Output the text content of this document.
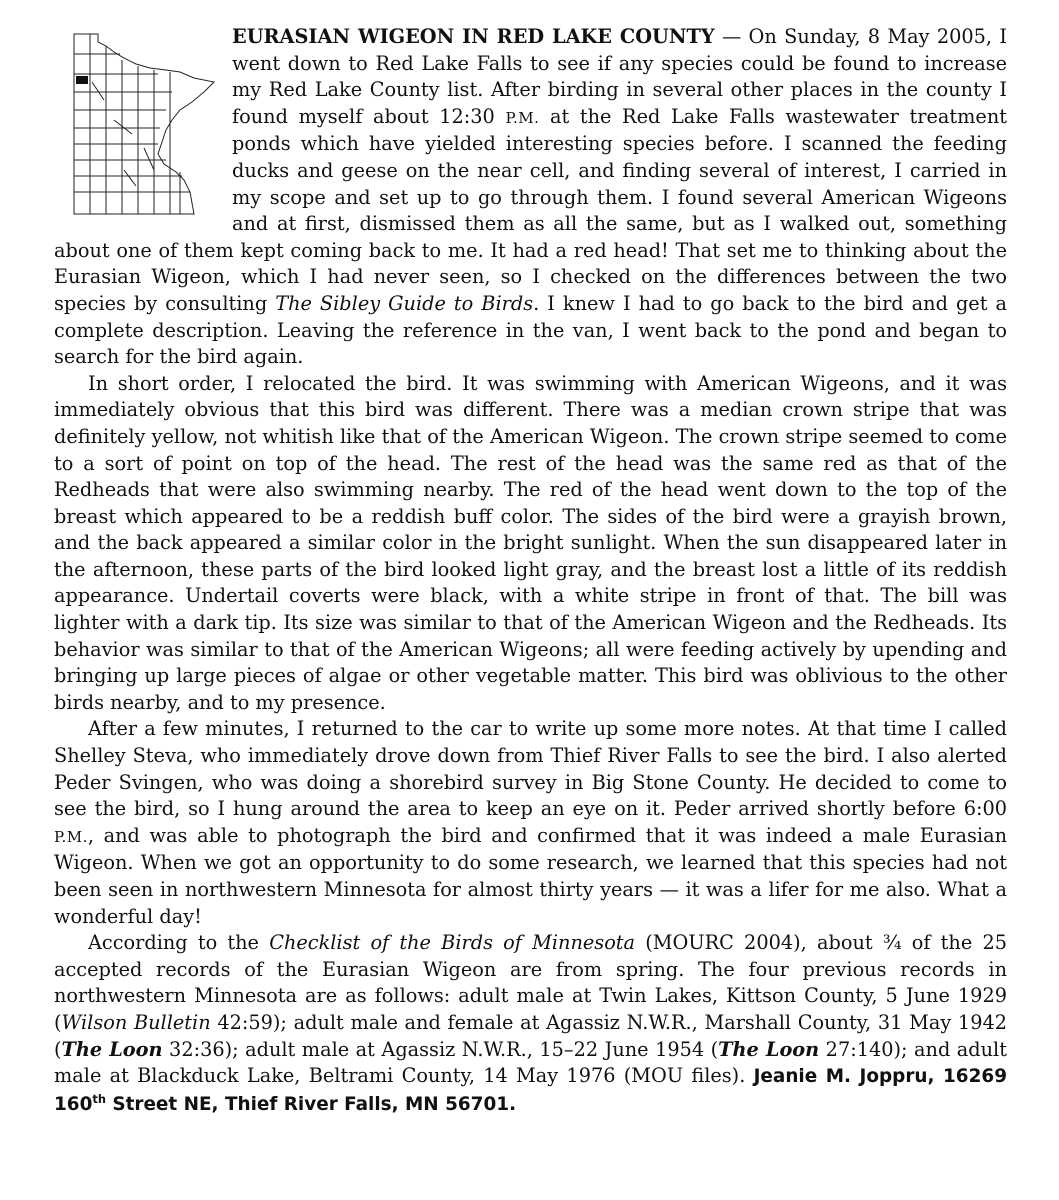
EURASIAN WIGEON IN RED LAKE COUNTY — On Sunday, 8 May 2005, I went down to Red Lake Falls to see if any species could be found to increase my Red Lake County list. After birding in several other places in the county I found myself about 12:30 P.M. at the Red Lake Falls wastewater treatment ponds which have yielded interesting species before. I scanned the feeding ducks and geese on the near cell, and finding several of interest, I carried in my scope and set up to go through them. I found several American Wigeons and at first, dismissed them as all the same, but as I walked out, something about one of them kept coming back to me. It had a red head! That set me to thinking about the Eurasian Wigeon, which I had never seen, so I checked on the differences between the two species by consulting The Sibley Guide to Birds. I knew I had to go back to the bird and get a complete description. Leaving the reference in the van, I went back to the pond and began to search for the bird again.

In short order, I relocated the bird. It was swimming with American Wigeons, and it was immediately obvious that this bird was different. There was a median crown stripe that was definitely yellow, not whitish like that of the American Wigeon. The crown stripe seemed to come to a sort of point on top of the head. The rest of the head was the same red as that of the Redheads that were also swimming nearby. The red of the head went down to the top of the breast which appeared to be a reddish buff color. The sides of the bird were a grayish brown, and the back appeared a similar color in the bright sunlight. When the sun disappeared later in the afternoon, these parts of the bird looked light gray, and the breast lost a little of its reddish appearance. Undertail coverts were black, with a white stripe in front of that. The bill was lighter with a dark tip. Its size was similar to that of the American Wigeon and the Redheads. Its behavior was similar to that of the American Wigeons; all were feeding actively by upending and bringing up large pieces of algae or other vegetable matter. This bird was oblivious to the other birds nearby, and to my presence.

After a few minutes, I returned to the car to write up some more notes. At that time I called Shelley Steva, who immediately drove down from Thief River Falls to see the bird. I also alerted Peder Svingen, who was doing a shorebird survey in Big Stone County. He decided to come to see the bird, so I hung around the area to keep an eye on it. Peder arrived shortly before 6:00 P.M., and was able to photograph the bird and confirmed that it was indeed a male Eurasian Wigeon. When we got an opportunity to do some research, we learned that this species had not been seen in northwestern Minnesota for almost thirty years — it was a lifer for me also. What a wonderful day!

According to the Checklist of the Birds of Minnesota (MOURC 2004), about ¾ of the 25 accepted records of the Eurasian Wigeon are from spring. The four previous records in northwestern Minnesota are as follows: adult male at Twin Lakes, Kittson County, 5 June 1929 (Wilson Bulletin 42:59); adult male and female at Agassiz N.W.R., Marshall County, 31 May 1942 (The Loon 32:36); adult male at Agassiz N.W.R., 15–22 June 1954 (The Loon 27:140); and adult male at Blackduck Lake, Beltrami County, 14 May 1976 (MOU files). Jeanie M. Joppru, 16269 160th Street NE, Thief River Falls, MN 56701.
